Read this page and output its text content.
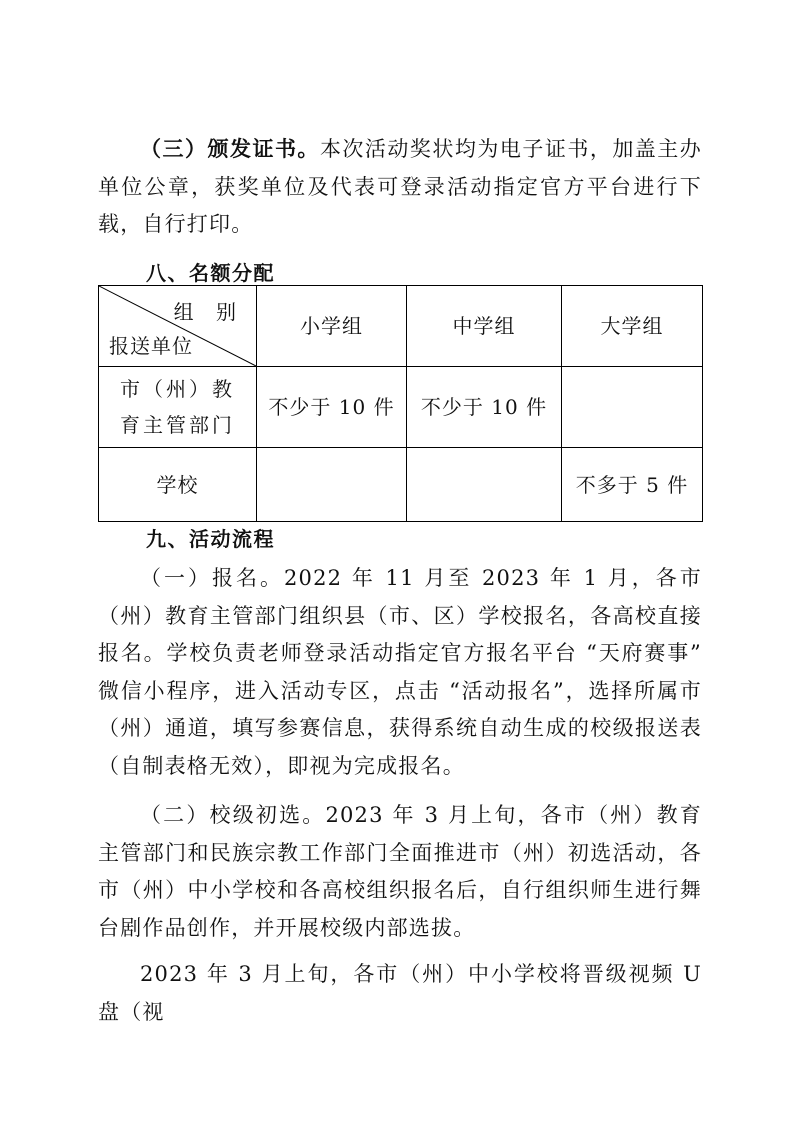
（三）颁发证书。本次活动奖状均为电子证书，加盖主办单位公章，获奖单位及代表可登录活动指定官方平台进行下载，自行打印。

八、名额分配
组 别
报送单位	小学组	中学组	大学组
市（州）教育主管部门	不少于 10 件	不少于 10 件	
学校			不多于 5 件
九、活动流程

（一）报名。2022 年 11 月至 2023 年 1 月，各市（州）教育主管部门组织县（市、区）学校报名，各高校直接报名。学校负责老师登录活动指定官方报名平台 “天府赛事” 微信小程序，进入活动专区，点击 “活动报名”，选择所属市（州）通道，填写参赛信息，获得系统自动生成的校级报送表（自制表格无效），即视为完成报名。

（二）校级初选。2023 年 3 月上旬，各市（州）教育主管部门和民族宗教工作部门全面推进市（州）初选活动，各市（州）中小学校和各高校组织报名后，自行组织师生进行舞台剧作品创作，并开展校级内部选拔。

2023 年 3 月上旬，各市（州）中小学校将晋级视频 U 盘（视
